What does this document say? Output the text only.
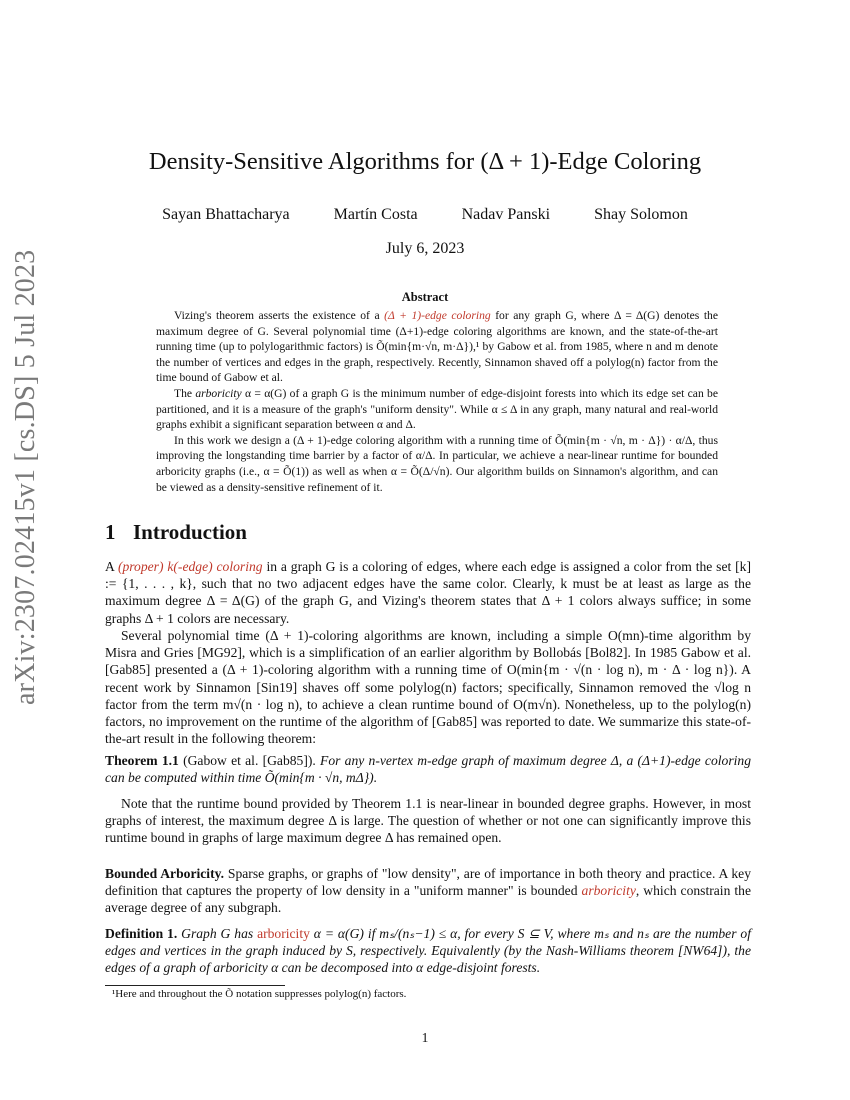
arXiv:2307.02415v1 [cs.DS] 5 Jul 2023
Density-Sensitive Algorithms for (Δ + 1)-Edge Coloring
Sayan Bhattacharya	Martín Costa	Nadav Panski	Shay Solomon
July 6, 2023
Abstract

Vizing's theorem asserts the existence of a (Δ + 1)-edge coloring for any graph G, where Δ = Δ(G) denotes the maximum degree of G. Several polynomial time (Δ+1)-edge coloring algorithms are known, and the state-of-the-art running time (up to polylogarithmic factors) is Õ(min{m·√n, m·Δ}),¹ by Gabow et al. from 1985, where n and m denote the number of vertices and edges in the graph, respectively. Recently, Sinnamon shaved off a polylog(n) factor from the time bound of Gabow et al.

The arboricity α = α(G) of a graph G is the minimum number of edge-disjoint forests into which its edge set can be partitioned, and it is a measure of the graph's "uniform density". While α ≤ Δ in any graph, many natural and real-world graphs exhibit a significant separation between α and Δ.

In this work we design a (Δ + 1)-edge coloring algorithm with a running time of Õ(min{m · √n, m · Δ}) · α/Δ, thus improving the longstanding time barrier by a factor of α/Δ. In particular, we achieve a near-linear runtime for bounded arboricity graphs (i.e., α = Õ(1)) as well as when α = Õ(Δ/√n). Our algorithm builds on Sinnamon's algorithm, and can be viewed as a density-sensitive refinement of it.

1 Introduction

A (proper) k(-edge) coloring in a graph G is a coloring of edges, where each edge is assigned a color from the set [k] := {1, . . . , k}, such that no two adjacent edges have the same color. Clearly, k must be at least as large as the maximum degree Δ = Δ(G) of the graph G, and Vizing's theorem states that Δ + 1 colors always suffice; in some graphs Δ + 1 colors are necessary.

Several polynomial time (Δ + 1)-coloring algorithms are known, including a simple O(mn)-time algorithm by Misra and Gries [MG92], which is a simplification of an earlier algorithm by Bollobás [Bol82]. In 1985 Gabow et al. [Gab85] presented a (Δ + 1)-coloring algorithm with a running time of O(min{m · √(n · log n), m · Δ · log n}). A recent work by Sinnamon [Sin19] shaves off some polylog(n) factors; specifically, Sinnamon removed the √log n factor from the term m√(n · log n), to achieve a clean runtime bound of O(m√n). Nonetheless, up to the polylog(n) factors, no improvement on the runtime of the algorithm of [Gab85] was reported to date. We summarize this state-of-the-art result in the following theorem:

Theorem 1.1 (Gabow et al. [Gab85]). For any n-vertex m-edge graph of maximum degree Δ, a (Δ+1)-edge coloring can be computed within time Õ(min{m · √n, mΔ}).

Note that the runtime bound provided by Theorem 1.1 is near-linear in bounded degree graphs. However, in most graphs of interest, the maximum degree Δ is large. The question of whether or not one can significantly improve this runtime bound in graphs of large maximum degree Δ has remained open.

Bounded Arboricity. Sparse graphs, or graphs of "low density", are of importance in both theory and practice. A key definition that captures the property of low density in a "uniform manner" is bounded arboricity, which constrain the average degree of any subgraph.

Definition 1. Graph G has arboricity α = α(G) if mₛ/(nₛ−1) ≤ α, for every S ⊆ V, where mₛ and nₛ are the number of edges and vertices in the graph induced by S, respectively. Equivalently (by the Nash-Williams theorem [NW64]), the edges of a graph of arboricity α can be decomposed into α edge-disjoint forests.

¹Here and throughout the Õ notation suppresses polylog(n) factors.
1
